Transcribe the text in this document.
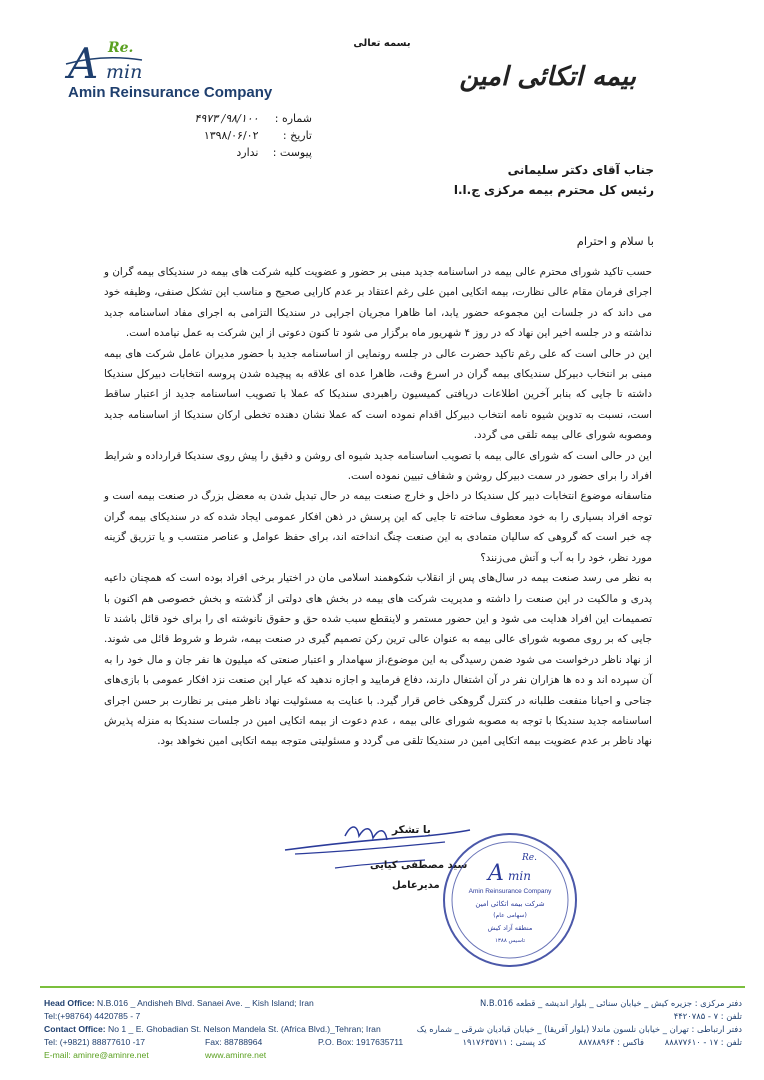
بسمه تعالی
A Re.
min
Amin Reinsurance Company
بیمه اتکائی امین
شماره : ۹۸/۱۰۰/ ۴۹۷۳
تاریخ : ۱۳۹۸/۰۶/۰۲
پیوست : ندارد
جناب آقای دکتر سلیمانی
رئیس کل محترم بیمه مرکزی ج.ا.ا
با سلام و احترام

حسب تاکید شورای محترم عالی بیمه در اساسنامه جدید مبنی بر حضور و عضویت کلیه شرکت های بیمه در سندیکای بیمه گران و اجرای فرمان مقام عالی نظارت، بیمه اتکایی امین علی رغم اعتقاد بر عدم کارایی صحیح و مناسب این تشکل صنفی، وظیفه خود می داند که در جلسات این مجموعه حضور یابد، اما ظاهرا مجریان اجرایی در سندیکا التزامی به اجرای مفاد اساسنامه جدید نداشته و در جلسه اخیر این نهاد که در روز ۴ شهریور ماه برگزار می شود تا کنون دعوتی از این شرکت به عمل نیامده است.

این در حالی است که علی رغم تاکید حضرت عالی در جلسه رونمایی از اساسنامه جدید با حضور مدیران عامل شرکت های بیمه مبنی بر انتخاب دبیرکل سندیکای بیمه گران در اسرع وقت، ظاهرا عده ای علاقه به پیچیده شدن پروسه انتخابات دبیرکل سندیکا داشته تا جایی که بنابر آخرین اطلاعات دریافتی کمیسیون راهبردی سندیکا که عملا با تصویب اساسنامه جدید از اعتبار ساقط است، نسبت به تدوین شیوه نامه انتخاب دبیرکل اقدام نموده است که عملا نشان دهنده تخطی ارکان سندیکا از اساسنامه جدید ومصوبه شورای عالی بیمه تلقی می گردد.

این در حالی است که شورای عالی بیمه با تصویب اساسنامه جدید شیوه ای روشن و دقیق را پیش روی سندیکا قرارداده و شرایط افراد را برای حضور در سمت دبیرکل روشن و شفاف تبیین نموده است.

متاسفانه موضوع انتخابات دبیر کل سندیکا در داخل و خارج صنعت بیمه در حال تبدیل شدن به معضل بزرگ در صنعت بیمه است و توجه افراد بسیاری را به خود معطوف ساخته تا جایی که این پرسش در ذهن افکار عمومی ایجاد شده که در سندیکای بیمه گران چه خبر است که گروهی که سالیان متمادی به این صنعت چنگ انداخته اند، برای حفظ عوامل و عناصر منتسب و یا تزریق گزینه مورد نظر، خود را به آب و آتش می‌زنند؟

به نظر می رسد صنعت بیمه در سال‌های پس از انقلاب شکوهمند اسلامی مان در اختیار برخی افراد بوده است که همچنان داعیه پدری و مالکیت در این صنعت را داشته و مدیریت شرکت های بیمه در بخش های دولتی از گذشته و بخش خصوصی هم اکنون با تصمیمات این افراد هدایت می شود و این حضور مستمر و لاینقطع سبب شده حق و حقوق نانوشته ای را برای خود قائل باشند تا جایی که بر روی مصوبه شورای عالی بیمه به عنوان عالی ترین رکن تصمیم گیری در صنعت بیمه، شرط و شروط قائل می شوند. از نهاد ناظر درخواست می شود ضمن رسیدگی به این موضوع،از سهامدار و اعتبار صنعتی که میلیون ها نفر جان و مال خود را به آن سپرده اند و ده ها هزاران نفر در آن اشتغال دارند، دفاع فرمایید و اجازه ندهید که عیار این صنعت نزد افکار عمومی با بازی‌های جناحی و احیانا منفعت طلبانه در کنترل گروهکی خاص قرار گیرد. با عنایت به مسئولیت نهاد ناظر مبنی بر نظارت بر حسن اجرای اساسنامه جدید سندیکا با توجه به مصوبه شورای عالی بیمه ، عدم دعوت از بیمه اتکایی امین در جلسات سندیکا به منزله پذیرش نهاد ناظر بر عدم عضویت بیمه اتکایی امین در سندیکا تلقی می گردد و مسئولیتی متوجه بیمه اتکایی امین نخواهد بود.

با تشکر
سید مصطفی کیایی
مدیرعامل
Re.
A min
Amin Reinsurance Company
شرکت بیمه اتکائی امین
(سهامی عام)
منطقه آزاد کیش
تاسیس ۱۳۸۸
Head Office: N.B.016 _ Andisheh Blvd. Sanaei Ave. _ Kish Island; Iran
Tel:(+98764) 4420785 - 7
Contact Office: No 1 _ E. Ghobadian St. Nelson Mandela St. (Africa Blvd.)_Tehran; Iran
Tel: (+9821) 88877610 -17	Fax: 88788964	P.O. Box: 1917635711
E-mail: aminre@aminre.net	www.aminre.net
دفتر مرکزی : جزیره کیش _ خیابان سنائی _ بلوار اندیشه _ قطعه N.B.016
تلفن : ۷ - ۴۴۲۰۷۸۵
دفتر ارتباطی : تهران _ خیابان نلسون ماندلا (بلوار آفریقا) _ خیابان قبادیان شرقی _ شماره یک
تلفن : ۱۷ - ۸۸۸۷۷۶۱۰
فاکس : ۸۸۷۸۸۹۶۴
کد پستی : ۱۹۱۷۶۳۵۷۱۱
